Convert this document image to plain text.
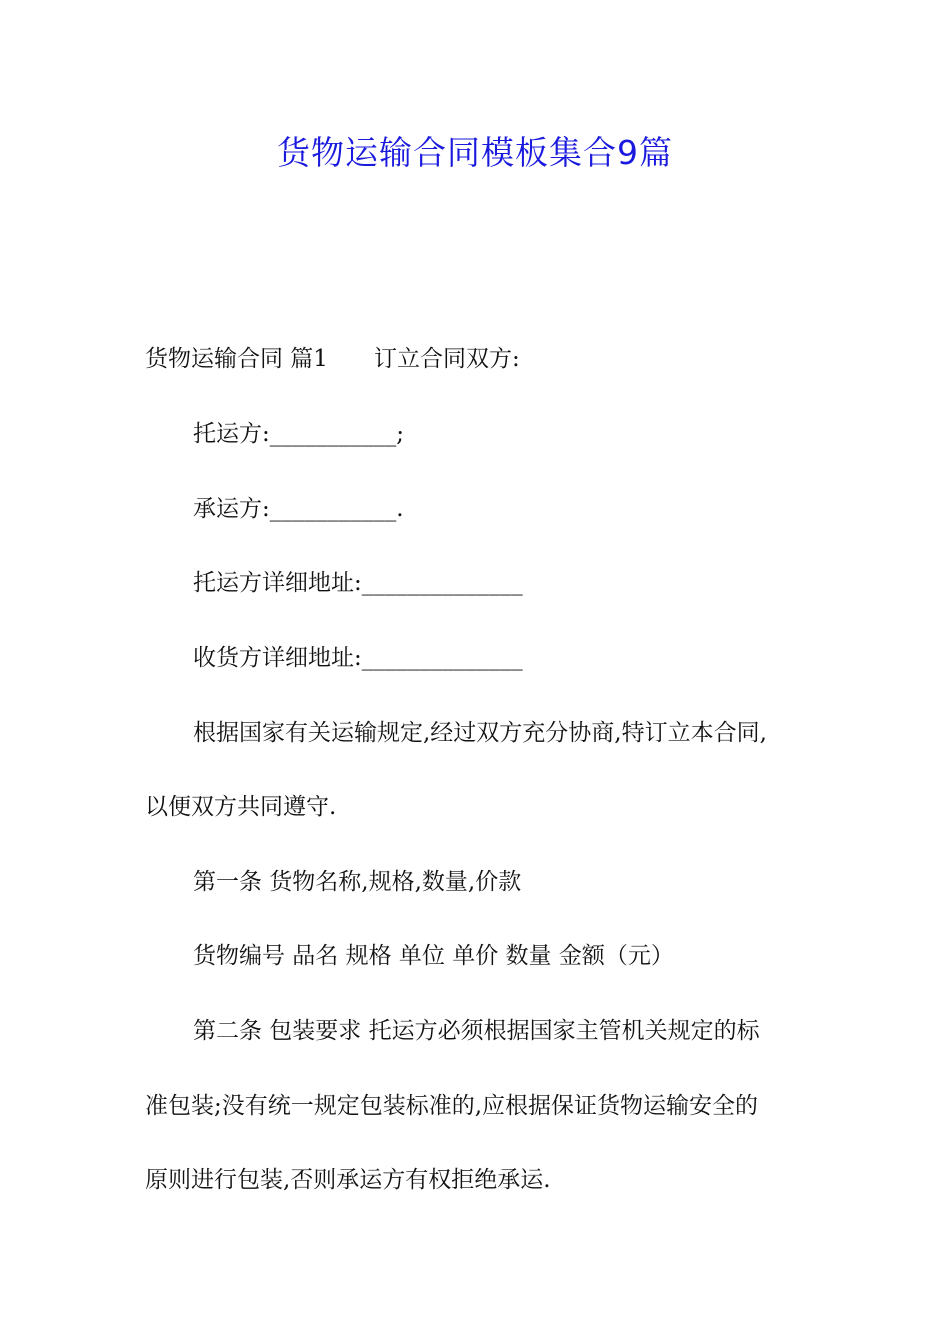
货物运输合同模板集合9篇
货物运输合同 篇1 订立合同双方:
托运方:___________;
承运方:___________.
托运方详细地址:______________
收货方详细地址:______________
根据国家有关运输规定,经过双方充分协商,特订立本合同,
以便双方共同遵守.
第一条 货物名称,规格,数量,价款
货物编号 品名 规格 单位 单价 数量 金额（元）
第二条 包装要求 托运方必须根据国家主管机关规定的标
准包装;没有统一规定包装标准的,应根据保证货物运输安全的
原则进行包装,否则承运方有权拒绝承运.
